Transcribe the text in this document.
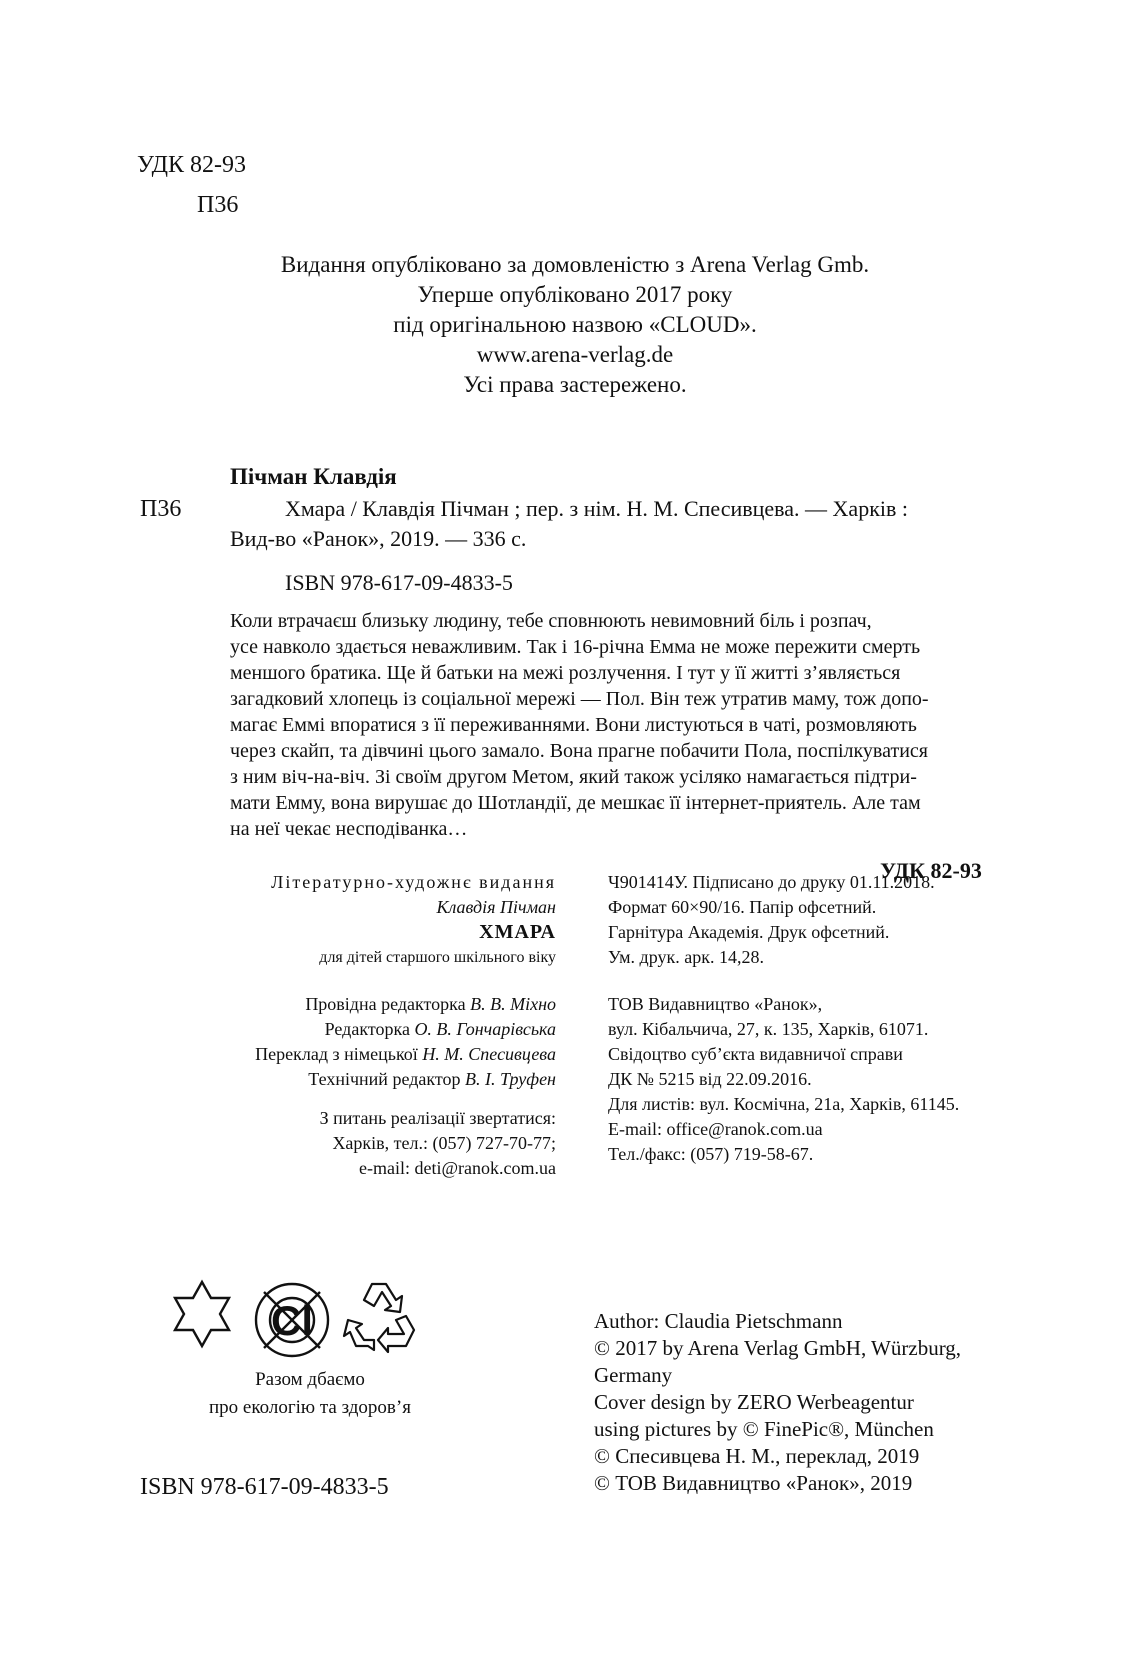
УДК 82-93
П36
Видання опубліковано за домовленістю з Arena Verlag Gmb.
Уперше опубліковано 2017 року
під оригінальною назвою «CLOUD».
www.arena-verlag.de
Усі права застережено.
Пічман Клавдія
П36	Хмара / Клавдія Пічман ; пер. з нім. Н. М. Спесивцева. — Харків :
Вид-во «Ранок», 2019. — 336 с.
ISBN 978-617-09-4833-5
Коли втрачаєш близьку людину, тебе сповнюють невимовний біль і розпач,
усе навколо здається неважливим. Так і 16-річна Емма не може пережити смерть
меншого братика. Ще й батьки на межі розлучення. І тут у її житті з’являється
загадковий хлопець із соціальної мережі — Пол. Він теж утратив маму, тож допо-
магає Еммі впоратися з її переживаннями. Вони листуються в чаті, розмовляють
через скайп, та дівчині цього замало. Вона прагне побачити Пола, поспілкуватися
з ним віч-на-віч. Зі своїм другом Метом, який також усіляко намагається підтри-
мати Емму, вона вирушає до Шотландії, де мешкає її інтернет-приятель. Але там
на неї чекає несподіванка…
УДК 82-93
Літературно-художнє видання
Клавдія Пічман
ХМАРА
для дітей старшого шкільного віку
Провідна редакторка В. В. Міхно
Редакторка О. В. Гончарівська
Переклад з німецької Н. М. Спесивцева
Технічний редактор В. І. Труфен
З питань реалізації звертатися:
Харків, тел.: (057) 727-70-77;
e-mail: deti@ranok.com.ua
Ч901414У. Підписано до друку 01.11.2018.
Формат 60×90/16. Папір офсетний.
Гарнітура Академія. Друк офсетний.
Ум. друк. арк. 14,28.
ТОВ Видавництво «Ранок»,
вул. Кібальчича, 27, к. 135, Харків, 61071.
Свідоцтво суб’єкта видавничої справи
ДК № 5215 від 22.09.2016.
Для листів: вул. Космічна, 21а, Харків, 61145.
E-mail: office@ranok.com.ua
Тел./факс: (057) 719-58-67.
Cl
Разом дбаємо
про екологію та здоров’я
ISBN 978-617-09-4833-5
Author: Claudia Pietschmann
© 2017 by Arena Verlag GmbH, Würzburg,
Germany
Cover design by ZERO Werbeagentur
using pictures by © FinePic®, München
© Спесивцева Н. М., переклад, 2019
© ТОВ Видавництво «Ранок», 2019
